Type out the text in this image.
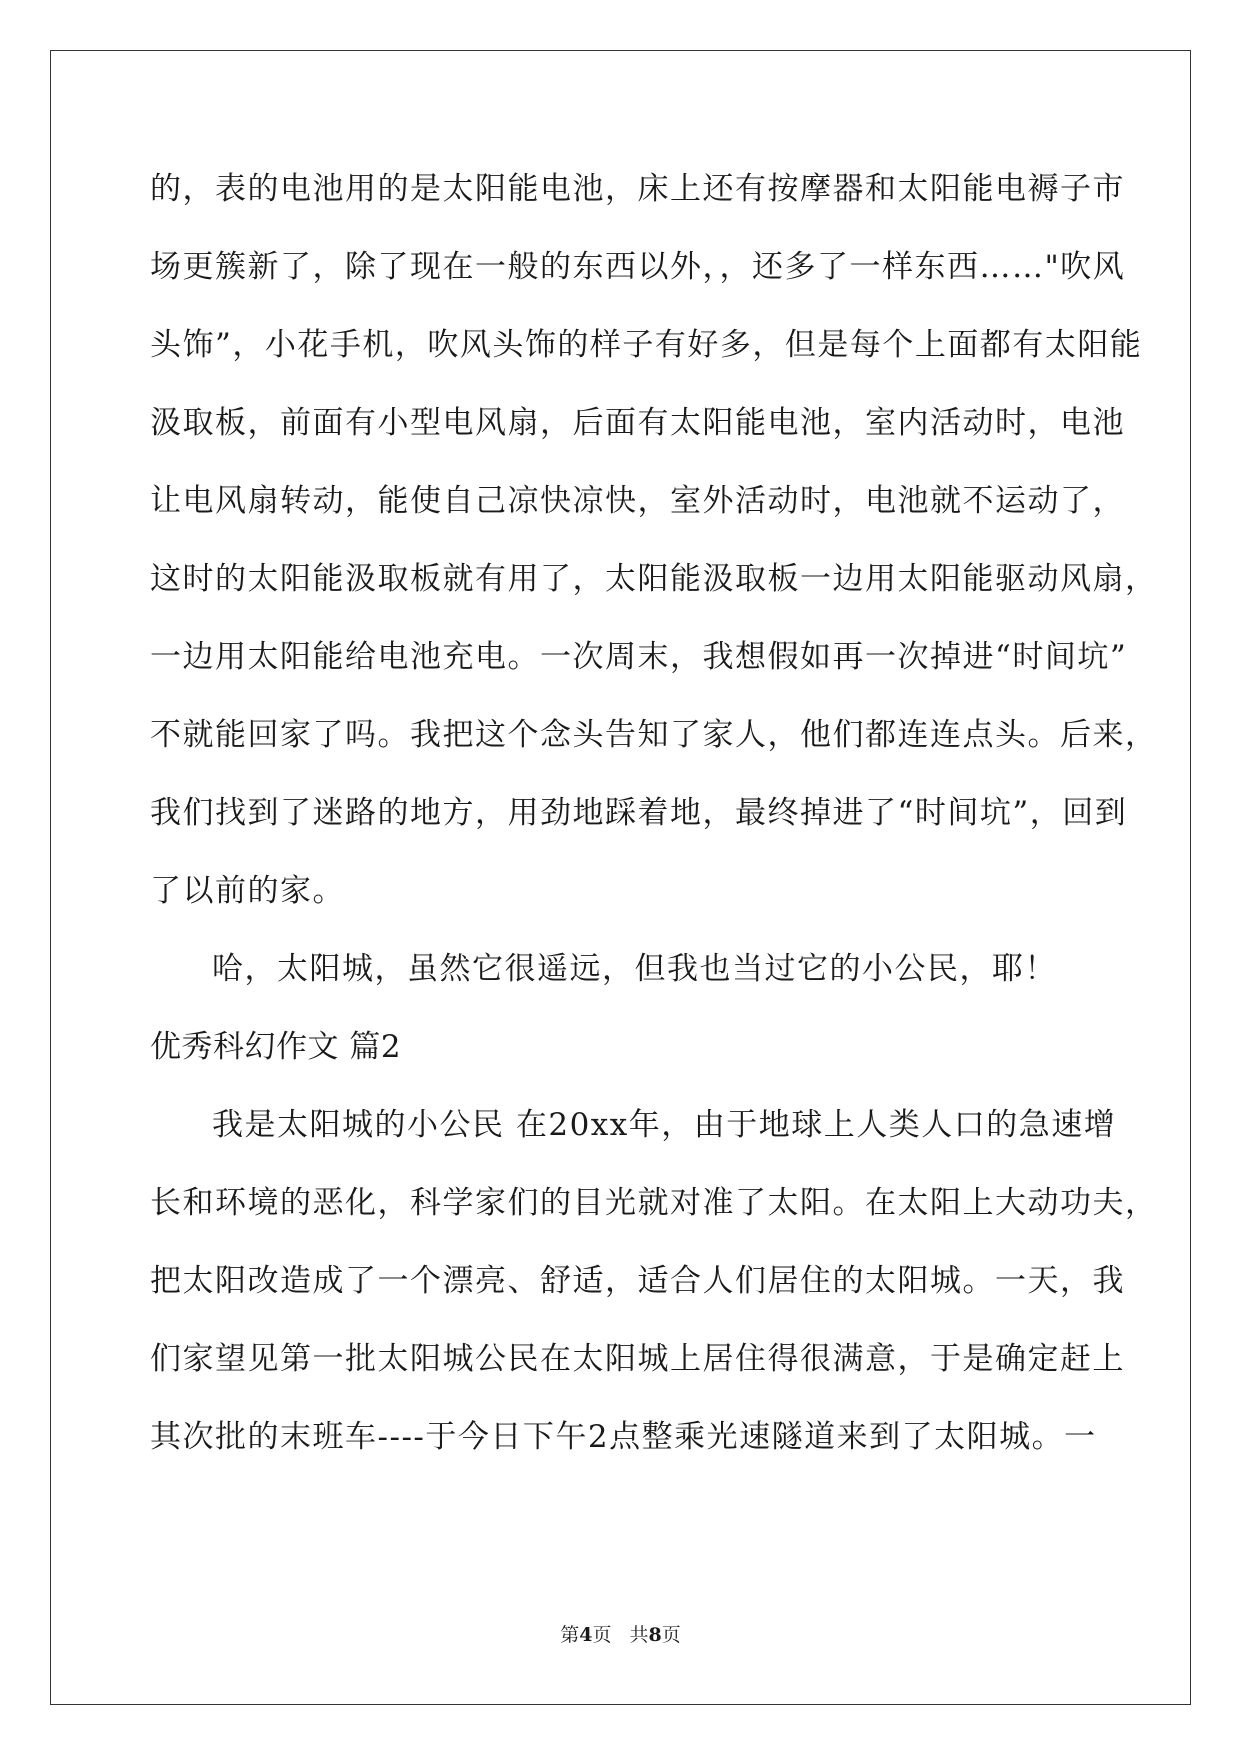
的，表的电池用的是太阳能电池，床上还有按摩器和太阳能电褥子市
场更簇新了，除了现在一般的东西以外，，还多了一样东西……"吹风
头饰”，小花手机，吹风头饰的样子有好多，但是每个上面都有太阳能
汲取板，前面有小型电风扇，后面有太阳能电池，室内活动时，电池
让电风扇转动，能使自己凉快凉快，室外活动时，电池就不运动了，
这时的太阳能汲取板就有用了，太阳能汲取板一边用太阳能驱动风扇，
一边用太阳能给电池充电。一次周末，我想假如再一次掉进“时间坑”
不就能回家了吗。我把这个念头告知了家人，他们都连连点头。后来，
我们找到了迷路的地方，用劲地踩着地，最终掉进了“时间坑”，回到
了以前的家。
哈，太阳城，虽然它很遥远，但我也当过它的小公民，耶！
优秀科幻作文 篇2
我是太阳城的小公民 在20xx年，由于地球上人类人口的急速增
长和环境的恶化，科学家们的目光就对准了太阳。在太阳上大动功夫，
把太阳改造成了一个漂亮、舒适，适合人们居住的太阳城。一天，我
们家望见第一批太阳城公民在太阳城上居住得很满意，于是确定赶上
其次批的末班车----于今日下午2点整乘光速隧道来到了太阳城。一
第4页 共8页
